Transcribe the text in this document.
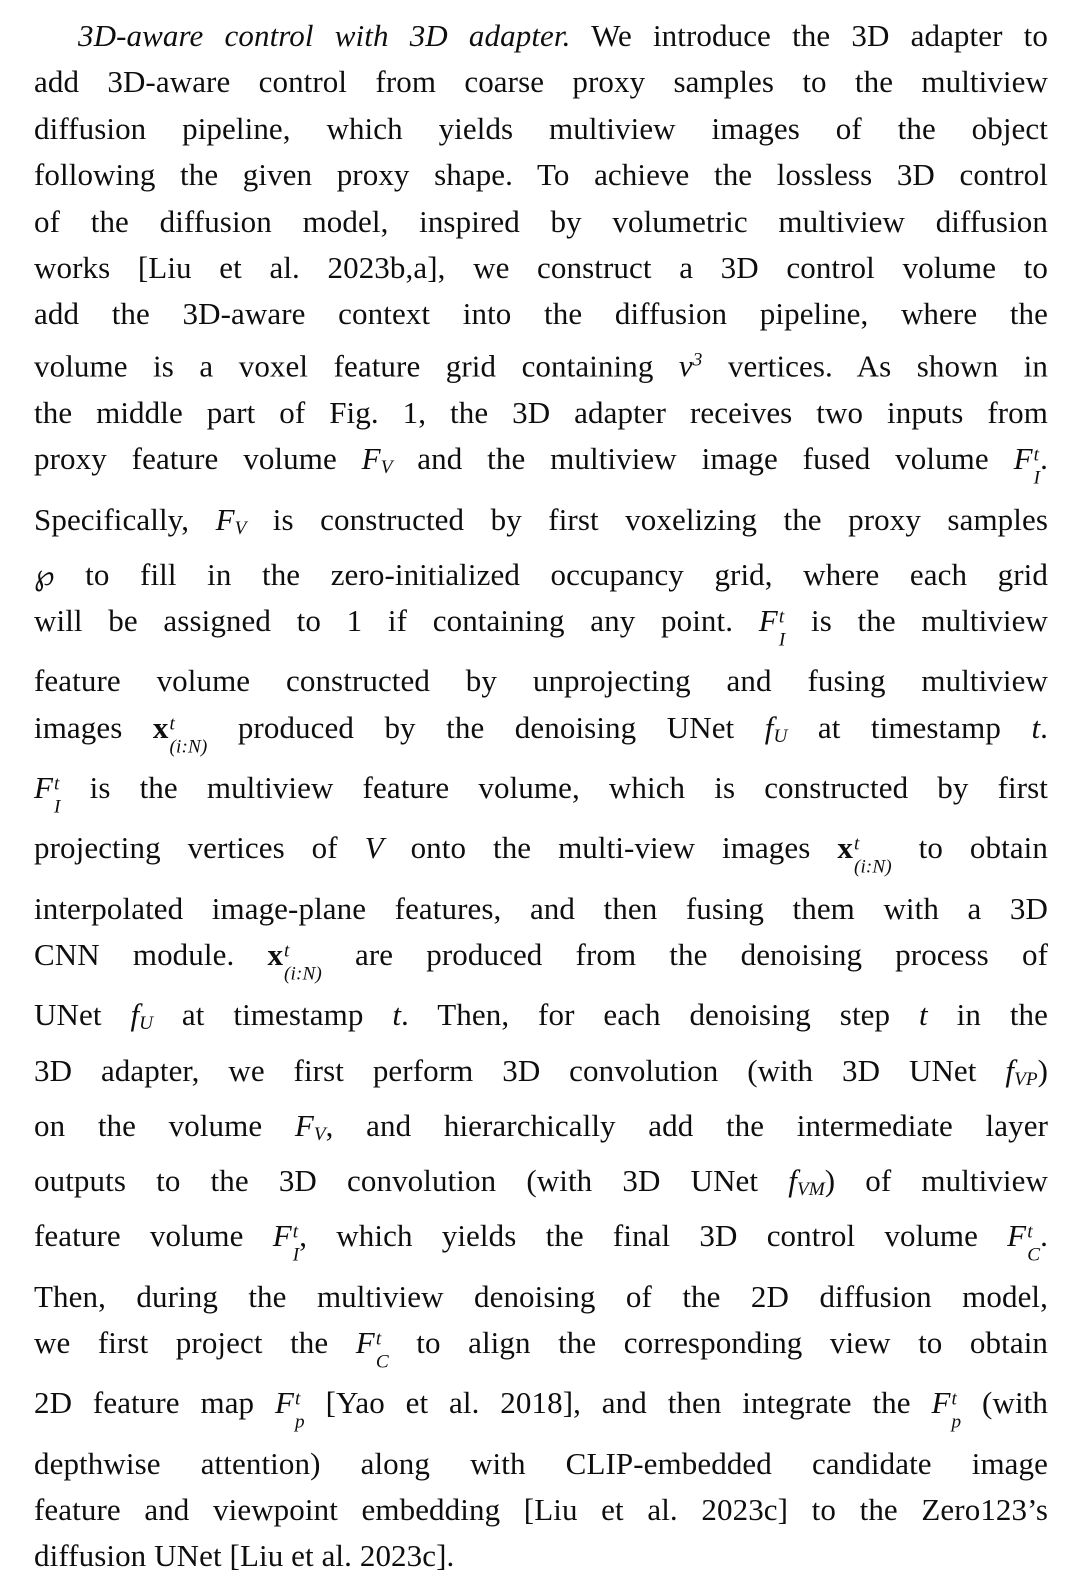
3D-aware control with 3D adapter. We introduce the 3D adapter to
add 3D-aware control from coarse proxy samples to the multiview
diffusion pipeline, which yields multiview images of the object
following the given proxy shape. To achieve the lossless 3D control
of the diffusion model, inspired by volumetric multiview diffusion
works [Liu et al. 2023b,a], we construct a 3D control volume to
add the 3D-aware context into the diffusion pipeline, where the
volume is a voxel feature grid containing $v^3$ vertices. As shown in
the middle part of Fig. 1, the 3D adapter receives two inputs from
proxy feature volume FV and the multiview image fused volume F t
I
.
Specifically, FV is constructed by first voxelizing the proxy samples
℘ to fill in the zero-initialized occupancy grid, where each grid
will be assigned to 1 if containing any point. F t
I
is the multiview
feature volume constructed by unprojecting and fusing multiview
images x t
(i:N)
produced by the denoising UNet fU at timestamp t.
F t
I
is the multiview feature volume, which is constructed by first
projecting vertices of V onto the multi-view images x t
(i:N)
to obtain
interpolated image-plane features, and then fusing them with a 3D
CNN module. x t
(i:N)
are produced from the denoising process of
UNet fU at timestamp t. Then, for each denoising step t in the
3D adapter, we first perform 3D convolution (with 3D UNet fVP)
on the volume FV, and hierarchically add the intermediate layer
outputs to the 3D convolution (with 3D UNet fVM) of multiview
feature volume F t
I
, which yields the final 3D control volume F t
C
.
Then, during the multiview denoising of the 2D diffusion model,
we first project the F t
C
to align the corresponding view to obtain
2D feature map F t
p
[Yao et al. 2018], and then integrate the F t
p
(with
depthwise attention) along with CLIP-embedded candidate image
feature and viewpoint embedding [Liu et al. 2023c] to the Zero123’s
diffusion UNet [Liu et al. 2023c].
